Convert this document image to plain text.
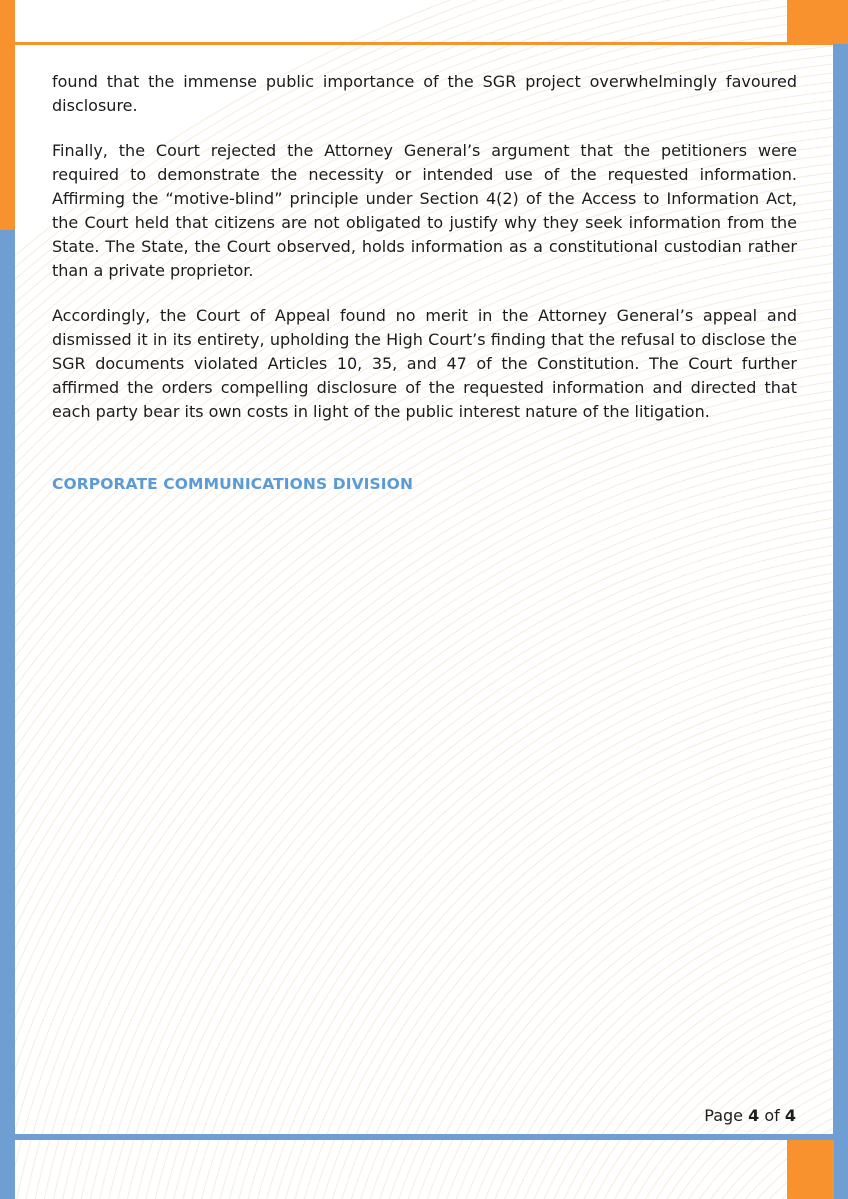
found that the immense public importance of the SGR project overwhelmingly favoured disclosure.

Finally, the Court rejected the Attorney General’s argument that the petitioners were required to demonstrate the necessity or intended use of the requested information. Affirming the “motive-blind” principle under Section 4(2) of the Access to Information Act, the Court held that citizens are not obligated to justify why they seek information from the State. The State, the Court observed, holds information as a constitutional custodian rather than a private proprietor.

Accordingly, the Court of Appeal found no merit in the Attorney General’s appeal and dismissed it in its entirety, upholding the High Court’s finding that the refusal to disclose the SGR documents violated Articles 10, 35, and 47 of the Constitution. The Court further affirmed the orders compelling disclosure of the requested information and directed that each party bear its own costs in light of the public interest nature of the litigation.

CORPORATE COMMUNICATIONS DIVISION

Page 4 of 4
